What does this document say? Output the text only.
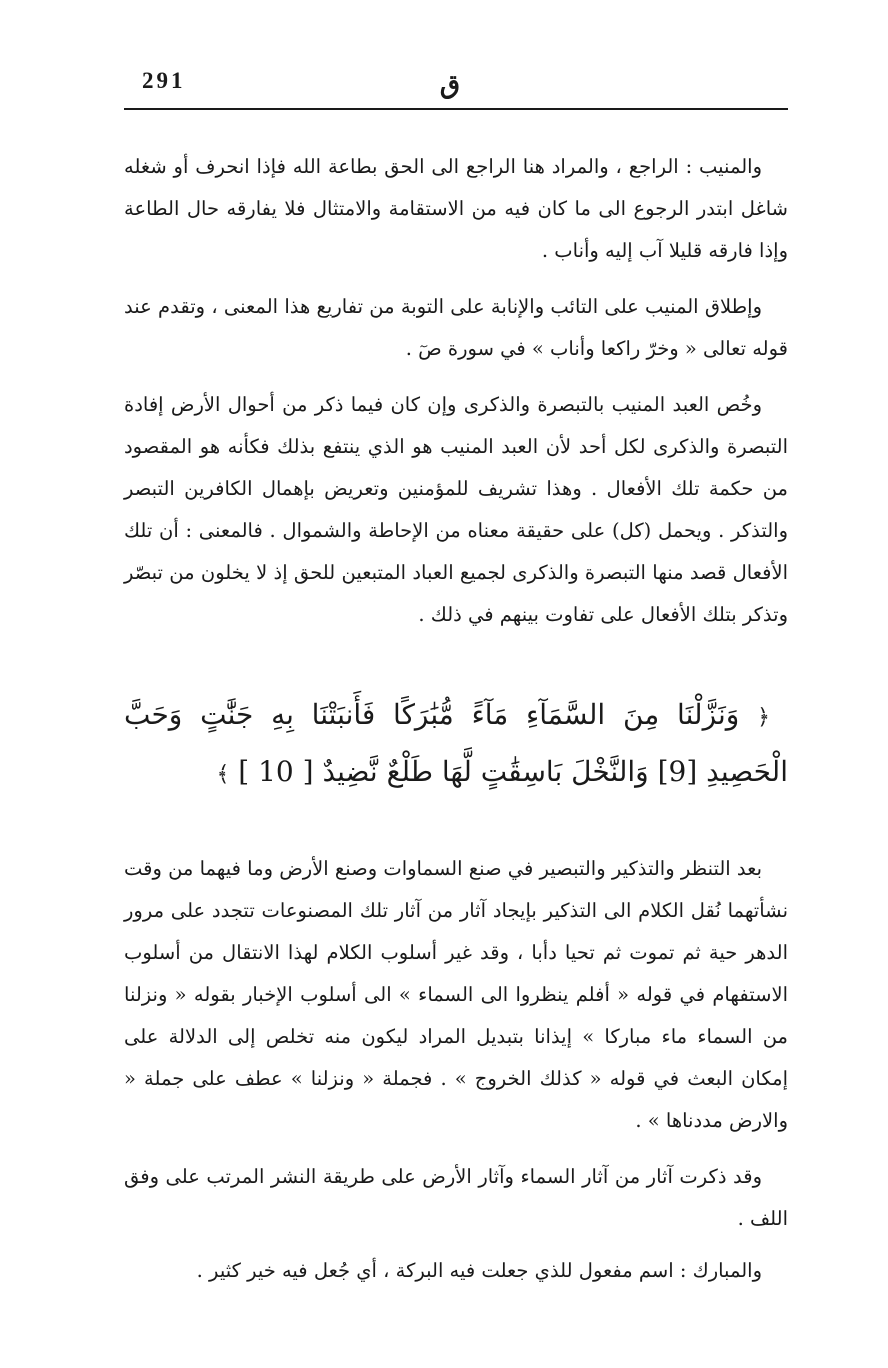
291	ق

والمنيب : الراجع ، والمراد هنا الراجع الى الحق بطاعة الله فإذا انحرف أو شغله شاغل ابتدر الرجوع الى ما كان فيه من الاستقامة والامتثال فلا يفارقه حال الطاعة وإذا فارقه قليلا آب إليه وأناب .

وإطلاق المنيب على التائب والإنابة على التوبة من تفاريع هذا المعنى ، وتقدم عند قوله تعالى « وخرّ راكعا وأناب » في سورة صٓ .

وخُص العبد المنيب بالتبصرة والذكرى وإن كان فيما ذكر من أحوال الأرض إفادة التبصرة والذكرى لكل أحد لأن العبد المنيب هو الذي ينتفع بذلك فكأنه هو المقصود من حكمة تلك الأفعال . وهذا تشريف للمؤمنين وتعريض بإهمال الكافرين التبصر والتذكر . ويحمل (كل) على حقيقة معناه من الإحاطة والشموال . فالمعنى : أن تلك الأفعال قصد منها التبصرة والذكرى لجميع العباد المتبعين للحق إذ لا يخلون من تبصّر وتذكر بتلك الأفعال على تفاوت بينهم في ذلك .

﴿ وَنَزَّلْنَا مِنَ السَّمَآءِ مَآءً مُّبَٰرَكًا فَأَنبَتْنَا بِهِ جَنَّٰتٍ وَحَبَّ الْحَصِيدِ [9] وَالنَّخْلَ بَاسِقَٰتٍ لَّهَا طَلْعٌ نَّضِيدٌ [ 10 ] ﴾

بعد التنظر والتذكير والتبصير في صنع السماوات وصنع الأرض وما فيهما من وقت نشأتهما نُقل الكلام الى التذكير بإيجاد آثار من آثار تلك المصنوعات تتجدد على مرور الدهر حية ثم تموت ثم تحيا دأبا ، وقد غير أسلوب الكلام لهذا الانتقال من أسلوب الاستفهام في قوله « أفلم ينظروا الى السماء » الى أسلوب الإخبار بقوله « ونزلنا من السماء ماء مباركا » إيذانا بتبديل المراد ليكون منه تخلص إلى الدلالة على إمكان البعث في قوله « كذلك الخروج » . فجملة « ونزلنا » عطف على جملة « والارض مددناها » .

وقد ذكرت آثار من آثار السماء وآثار الأرض على طريقة النشر المرتب على وفق اللف .

والمبارك : اسم مفعول للذي جعلت فيه البركة ، أي جُعل فيه خير كثير .
